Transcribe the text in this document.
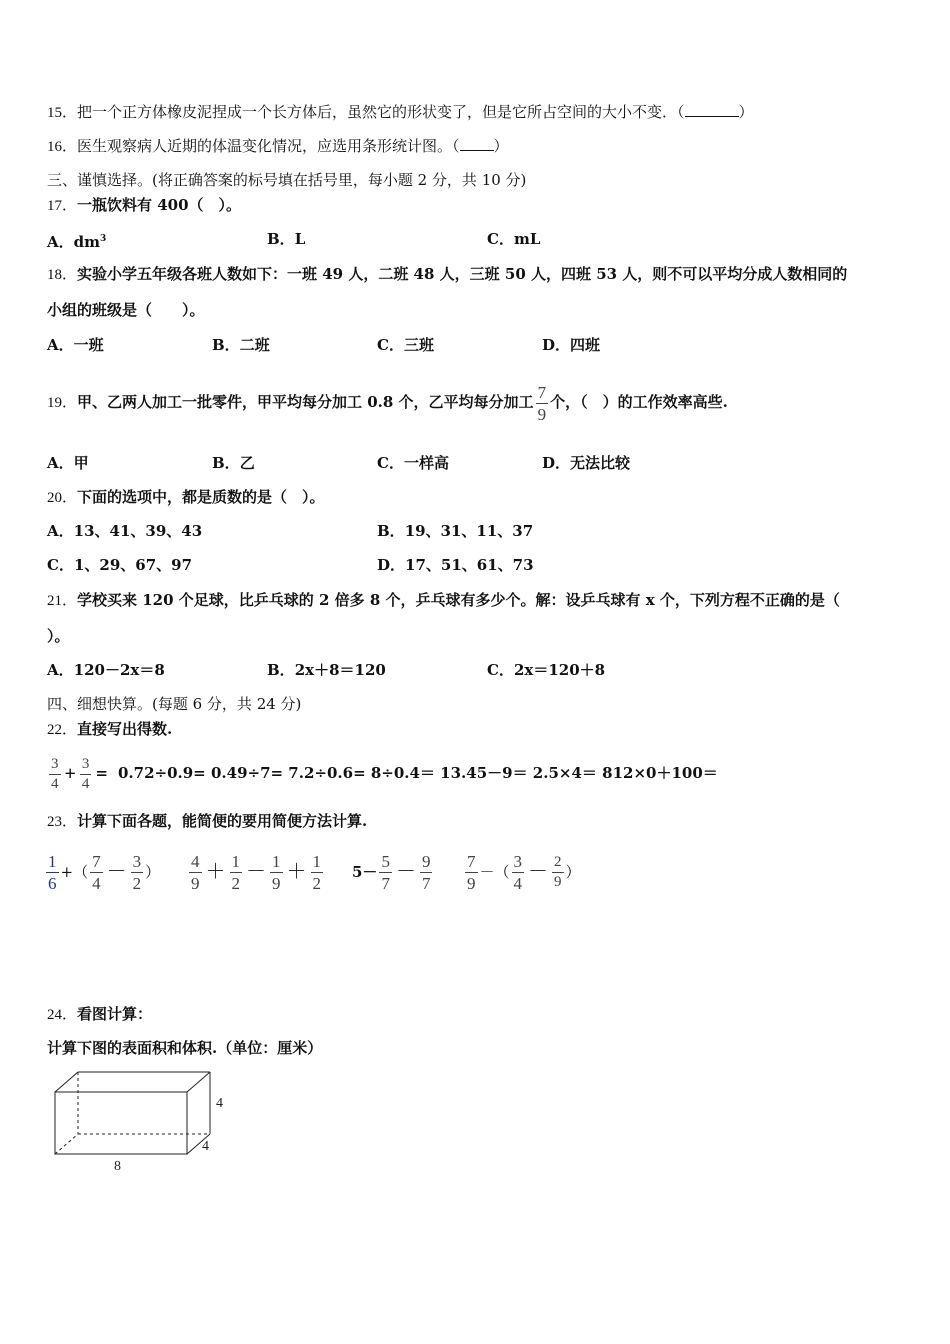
15．把一个正方体橡皮泥捏成一个长方体后，虽然它的形状变了，但是它所占空间的大小不变．（	）
16．医生观察病人近期的体温变化情况，应选用条形统计图。（ ）
三、谨慎选择。(将正确答案的标号填在括号里，每小题 2 分，共 10 分)
17．一瓶饮料有 400（　）。
A．$dm^3$	B．L	C．mL
18．实验小学五年级各班人数如下：一班 49 人，二班 48 人，三班 50 人，四班 53 人，则不可以平均分成人数相同的
小组的班级是（　　）。
A．一班	B．二班	C．三班	D．四班
19．甲、乙两人加工一批零件，甲平均每分加工 0.8 个，乙平均每分加工 $\frac{7}{9}$ 个，（　）的工作效率高些.
A．甲	B．乙	C．一样高	D．无法比较
20．下面的选项中，都是质数的是（　）。
A．13、41、39、43	B．19、31、11、37
C．1、29、67、97	D．17、51、61、73
21．学校买来 120 个足球，比乒乓球的 2 倍多 8 个，乒乓球有多少个。解：设乒乓球有 x 个，下列方程不正确的是（
）。
A．120－2x＝8	B．2x＋8＝120	C．2x＝120＋8
四、细想快算。(每题 6 分，共 24 分)
22．直接写出得数.
$\frac{3}{4} + \frac{3}{4} = 0.72\div 0.9= 0.49\div 7= 7.2\div 0.6= 8\div 0.4= 13.45-9= 2.5\times 4= 812\times 0+100=$
23．计算下面各题，能简便的要用简便方法计算.
$\frac{1}{6}$ +（ $\frac{7}{4} - \frac{3}{2}$ ） $\frac{4}{9} + \frac{1}{2} - \frac{1}{9} + \frac{1}{2} 5- \frac{5}{7} - \frac{9}{7} \frac{7}{9}$ －（ $\frac{3}{4} - \frac{2}{9}$ ）
24．看图计算：
计算下图的表面积和体积.（单位：厘米）
4
4
8
